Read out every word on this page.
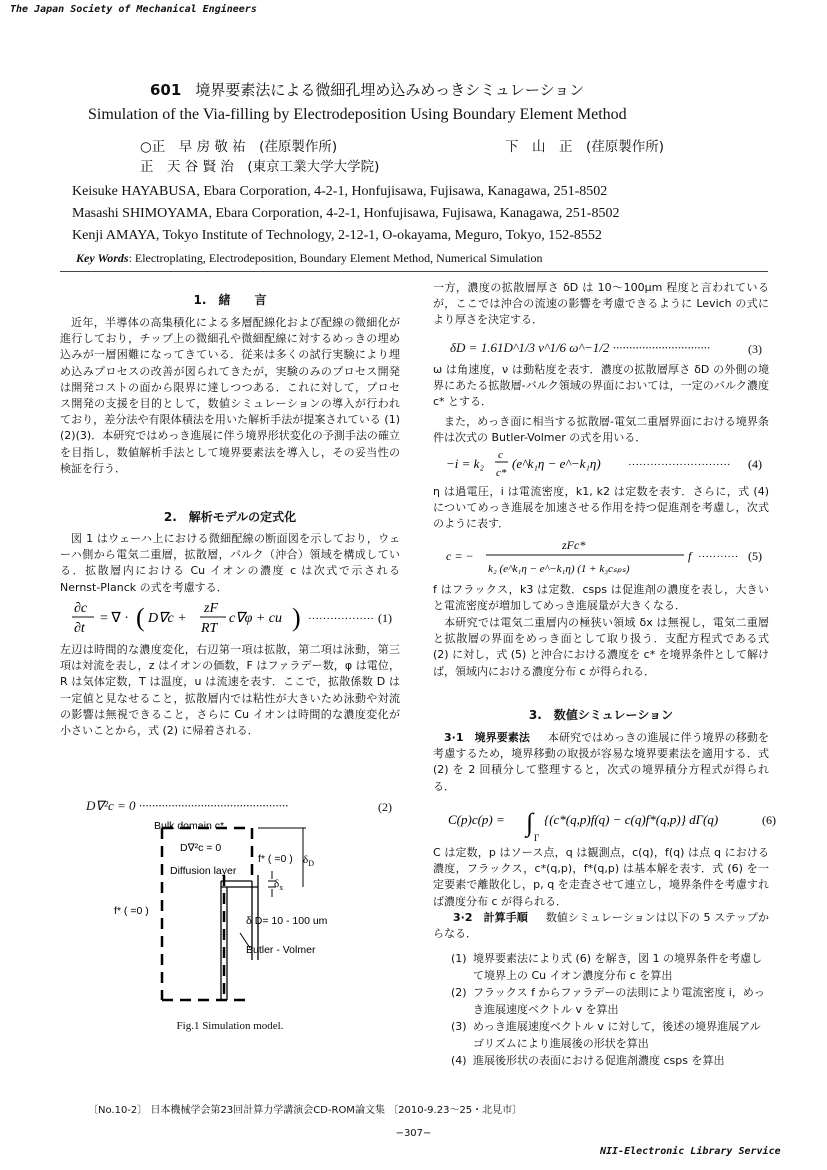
The Japan Society of Mechanical Engineers
601 境界要素法による微細孔埋め込みめっきシミュレーション
Simulation of the Via-filling by Electrodeposition Using Boundary Element Method
○正　早 房 敬 祐　(荏原製作所)	下　山　正　(荏原製作所)
正　天 谷 賢 治　(東京工業大学大学院)
Keisuke HAYABUSA, Ebara Corporation, 4-2-1, Honfujisawa, Fujisawa, Kanagawa, 251-8502
Masashi SHIMOYAMA, Ebara Corporation, 4-2-1, Honfujisawa, Fujisawa, Kanagawa, 251-8502
Kenji AMAYA, Tokyo Institute of Technology, 2-12-1, O-okayama, Meguro, Tokyo, 152-8552
Key Words: Electroplating, Electrodeposition, Boundary Element Method, Numerical Simulation
1.　緒　　言
近年，半導体の高集積化による多層配線化および配線の微細化が進行しており，チップ上の微細孔や微細配線に対するめっきの埋め込みが一層困難になってきている．従来は多くの試行実験により埋め込みプロセスの改善が図られてきたが，実験のみのプロセス開発は開発コストの面から限界に達しつつある．これに対して，プロセス開発の支援を目的として，数値シミュレーションの導入が行われており，差分法や有限体積法を用いた解析手法が提案されている (1)(2)(3)．本研究ではめっき進展に伴う境界形状変化の予測手法の確立を目指し，数値解析手法として境界要素法を導入し，その妥当性の検証を行う．
2.　解析モデルの定式化
図 1 はウェーハ上における微細配線の断面図を示しており，ウェーハ側から電気二重層，拡散層，バルク（沖合）領域を構成している．拡散層内における Cu イオンの濃度 c は次式で示される Nernst-Planck の式を考慮する．
∂c
∂t
= ∇ · ( D∇c +
zF
RT
c∇φ + cu ) ·················· (1)
左辺は時間的な濃度変化，右辺第一項は拡散，第二項は泳動，第三項は対流を表し，z はイオンの価数，F はファラデー数，φ は電位，R は気体定数，T は温度，u は流速を表す．ここで，拡散係数 D は一定値と見なせること，拡散層内では粘性が大きいため泳動や対流の影響は無視できること，さらに Cu イオンは時間的な濃度変化が小さいことから，式 (2) に帰着される．
D∇²c = 0 ··············································	(2)
Bulk domain c*
D∇²c = 0
Diffusion layer
f* ( =0 ) $\delta_D$
$\delta_x$
f* ( =0 )
δ D= 10 - 100 um
Butler - Volmer
Fig.1 Simulation model.
一方，濃度の拡散層厚さ δD は 10〜100μm 程度と言われているが，ここでは沖合の流速の影響を考慮できるように Levich の式により厚さを決定する．
δD = 1.61D^1/3 ν^1/6 ω^−1/2 ······························	(3)
ω は角速度，ν は動粘度を表す．濃度の拡散層厚さ δD の外側の境界にあたる拡散層-バルク領域の界面においては，一定のバルク濃度 c* とする．
また，めっき面に相当する拡散層-電気二重層界面における境界条件は次式の Butler-Volmer の式を用いる．
−i = k₂
c
c*
(e^k₁η − e^−k₁η) ···························· (4)
η は過電圧，i は電流密度，k1, k2 は定数を表す．さらに，式 (4) についてめっき進展を加速させる作用を持つ促進剤を考慮し，次式のように表す．
c = −
zFc*
k₂ (e^k₁η − e^−k₁η) (1 + k₃cₛₚₛ)
f ··········· (5)
f はフラックス，k3 は定数．csps は促進剤の濃度を表し，大きいと電流密度が増加してめっき進展量が大きくなる．
本研究では電気二重層内の極狭い領域 δx は無視し，電気二重層と拡散層の界面をめっき面として取り扱う．支配方程式である式 (2) に対し，式 (5) と沖合における濃度を c* を境界条件として解けば，領域内における濃度分布 c が得られる．
3.　数値シミュレーション
3·1　境界要素法 本研究ではめっきの進展に伴う境界の移動を考慮するため，境界移動の取扱が容易な境界要素法を適用する．式 (2) を 2 回積分して整理すると，次式の境界積分方程式が得られる．
C(p)c(p) = ∫
Γ
{(c*(q,p)f(q) − c(q)f*(q,p)} dΓ(q)	(6)
C は定数，p はソース点，q は観測点，c(q)，f(q) は点 q における濃度，フラックス，c*(q,p)，f*(q,p) は基本解を表す．式 (6) を一定要素で離散化し，p, q を走査させて連立し，境界条件を考慮すれば濃度分布 c が得られる．
3·2　計算手順 数値シミュレーションは以下の 5 ステップからなる．
(1) 境界要素法により式 (6) を解き，図 1 の境界条件を考慮して境界上の Cu イオン濃度分布 c を算出
(2) フラックス f からファラデーの法則により電流密度 i，めっき進展速度ベクトル v を算出
(3) めっき進展速度ベクトル v に対して，後述の境界進展アルゴリズムにより進展後の形状を算出
(4) 進展後形状の表面における促進剤濃度 csps を算出
〔No.10-2〕 日本機械学会第23回計算力学講演会CD-ROM論文集 〔2010-9.23〜25・北見市〕
−307−
NII-Electronic Library Service
